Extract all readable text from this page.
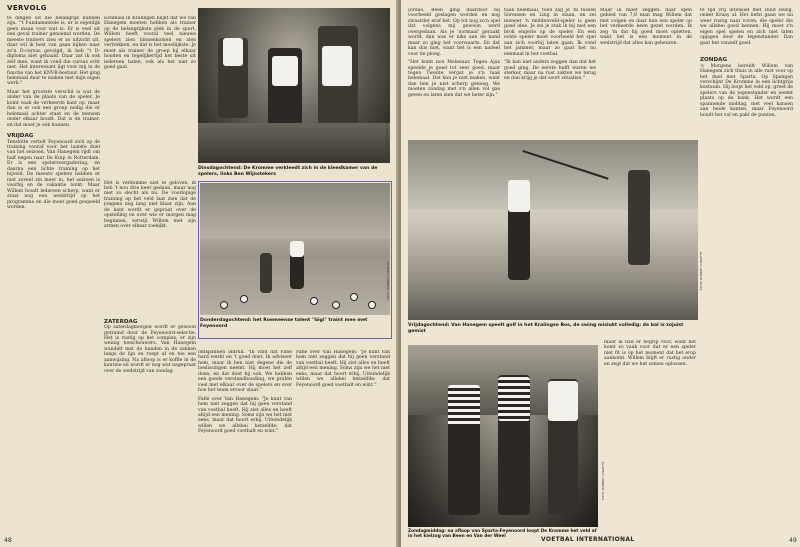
VERVOLG

te dingen uit die belangrijk kunnen zijn. "'t Fundamentele is, er is eigenlijk geen maan voor wat is. Er is veel uit een geval trainer genoemd worden. De meeste trainers zien er zo uitzicht uit, daar wil ik best van gaan kijken naar zo'n D-cursus gevolgd, ik heb "t D-diploma niet gehaald. Daar zat ik ook zelf mee, want ik vond die cursus echt niet. Het interessant ligt voor mij in de functie van het KNVB-bestuur. Het ging helemaal daar te maken met mijn eigen werk."

Maar het grootste verschil is wat de ander van de plaats van de speler. Je komt vaak de verkeerde kant op, maar dan is er ook een groep nodig die er helemaal achter staat en de mensen onder elkaar houdt. Dat is de trainer, en dat moet je ook kunnen.

VRIJDAG

Tenslotte vertelt Feyenoord zich op de training vooraf voor het laatste duel van het seizoen. Van Hanegem rijdt om half negen naar De Kuip in Rotterdam. Er is een spelersvergadering, en daarna een lichte training op het bijveld. De meeste spelers hebben er niet zoveel zin meer in, het seizoen is voorbij en de vakantie lonkt. Maar Willem houdt iedereen scherp, want er staat nog een wedstrijd op het programma en die moet goed gespeeld worden.

Eenmaal in Kralingen blijkt dat we van Hanegem moeten hebben als trainer op de belangrijkste plek in de sport. Willem heeft vooral veel nieuwe spelers zien binnenkomen en zien vertrekken, en dat is het moeilijkste. Je moet als trainer de groep bij elkaar houden en tegelijkertijd het beste uit iedereen halen, ook als het niet zo goed gaat.

Het is verdomme niet te geloven, ik heb 't nou drie keer gedaan, maar nog niet zo slecht als nu. De voorlopige training op het veld laat zien dat de jongens nog lang niet klaar zijn. Aan de kant wordt er gepraat over de opstelling en over wie er morgen mag beginnen, terwijl Willem met zijn armen over elkaar toekijkt.

ZATERDAG

Op zaterdagmorgen wordt er gewoon getraind door de Feyenoord-selectie. Het is rustig op het complex, er zijn weinig toeschouwers. Van Hanegem wandelt met de handen in de zakken langs de lijn en roept af en toe een aanwijzing. Na afloop is er koffie in de kantine en wordt er nog wat nagepraat over de wedstrijd van zondag.

ontspannen indruk. "Ik vind dat Fafie hard werkt en 't goed doet. Ik adviseer hem, maar ik ben niet degene die de beslissingen neemt. Hij moet het zelf doen, en dat doet hij ook. We hebben een goede verstandhouding, we praten veel met elkaar over de spelers en over hoe het team ervoor staat."

Fafié over Van Hanegem: "Je kunt van hem niet zeggen dat hij geen verstand van voetbal heeft. Hij ziet alles en heeft altijd een mening. Soms zijn we het niet eens, maar dat hoort erbij. Uiteindelijk willen we allebei hetzelfde: dat Feyenoord goed voetbalt en wint."

Fafié over Van Hanegem: "Je kunt van hem niet zeggen dat hij geen verstand van voetbal heeft. Hij ziet alles en heeft altijd een mening. Soms zijn we het niet eens, maar dat hoort erbij. Uiteindelijk willen we allebei hetzelfde: dat Feyenoord goed voetbalt en wint."

Dinsdagochtend: De Kromme verkleedt zich in de kleedkamer van de spelers, links Ben Wijnstekers
FOTO: ROBERT COLLETTE
Donderdagochtend: het Roemeense talent "Gigi" traint mee met Feyenoord
FOTO: ROBERT COLLETTE
48
Vrijdagochtend: Van Hanegem speelt golf in het Kralingse Bos, de swing mislukt volledig: de bal is zojuist gemist
FOTO: ROBERT COLLETTE

Jordao. Been ging daardoor bij voorbeeld geslagen worden en nog zwaarder eraf het. Op tot nog zo'n spel dat volgens mij gewoon werd overgedaan. Als je 'normaal' geraakt wordt, dan was er niks aan de hand maar zo ging het voorwaarts. En dat kan dus niet, want het is een nadeel voor de ploeg.

"Het komt nou Molenaar. Tegen Ajax speelde je goed tot zeer goed, maar tegen Twente vergat je z'n taak helemaal. Dat kun je niet maken, want dan ben je niet scherp genoeg. We moeten zondag met z'n allen vol gas geven en laten zien dat we beter zijn."

taak helemaal, toen zag je 'm tussen Sörensen en Ling in staan, en zei meneer 'n middenveld-speler is geen goed idee. Je zei je stuk ik bij met een brok engerie op de speler. En een echte speler moet voorbeeld het spel aan zich voorbij laten gaan. Ik vond het jammer, maar zo gaat het nu eenmaal in het voetbal.

"Ik kan niet anders zeggen dan dat het goed ging. De eerste helft waren we sterker, maar na rust zakten we terug en dan krijg je dat soort situaties."

Maar ik moet zeggen: daar open gebied van 7,8 man mag Willem dat niet volgen en daar kan een speler op het verkeerde been gezet worden. Ik zeg 'm dat hij goed moet opletten, want het is een moment in de wedstrijd dat alles kan gebeuren.

Zondagmiddag: na afloop van Sparta-Feyenoord loopt De Kromme het veld af in het kielzog van Been en Van der Weel
FOTO: ROBERT COLLETTE

maar ik had er begrip voor, want het komt zo vaak voor dat er een speler niet fit is op het moment dat het erop aankomt. Willem blijft er rustig onder en zegt dat we het samen oplossen.

te tijd vrij intensief met Duut bezig, onder Kraay al. Het liefst gaan we nu weer rustig naar voren, die speler die we allebei goed kennen. Hij moet z'n eigen spel spelen en zich niet laten opjagen door de tegenstander. Dan gaat het vanzelf goed.

ZONDAG

's Morgens bereidt Willem van Hanegem zich thuis in alle rust voor op het duel met Sparta. Op Spangen verschijnt De Kromme in een lichtgrijs kostuum. Hij loopt het veld op, groet de spelers van de tegenstander en neemt plaats op de bank. Het wordt een spannende middag, met veel kansen aan beide kanten, maar Feyenoord houdt het vol en pakt de punten.

VOETBAL INTERNATIONAL	49
